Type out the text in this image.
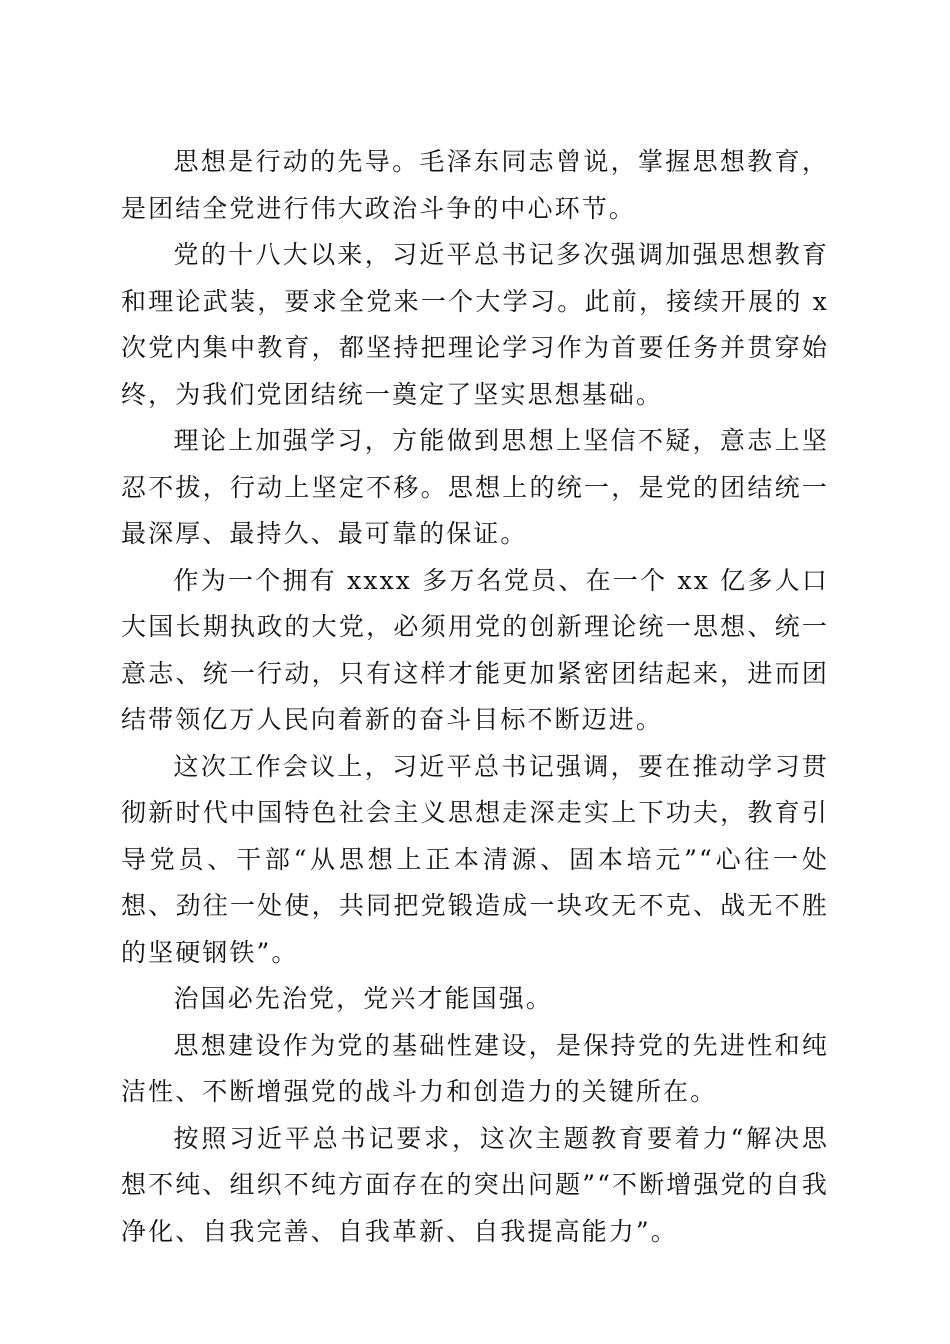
思想是行动的先导。毛泽东同志曾说，掌握思想教育，是团结全党进行伟大政治斗争的中心环节。

党的十八大以来，习近平总书记多次强调加强思想教育和理论武装，要求全党来一个大学习。此前，接续开展的 x 次党内集中教育，都坚持把理论学习作为首要任务并贯穿始终，为我们党团结统一奠定了坚实思想基础。

理论上加强学习，方能做到思想上坚信不疑，意志上坚忍不拔，行动上坚定不移。思想上的统一，是党的团结统一最深厚、最持久、最可靠的保证。

作为一个拥有 xxxx 多万名党员、在一个 xx 亿多人口大国长期执政的大党，必须用党的创新理论统一思想、统一意志、统一行动，只有这样才能更加紧密团结起来，进而团结带领亿万人民向着新的奋斗目标不断迈进。

这次工作会议上，习近平总书记强调，要在推动学习贯彻新时代中国特色社会主义思想走深走实上下功夫，教育引导党员、干部“从思想上正本清源、固本培元”“心往一处想、劲往一处使，共同把党锻造成一块攻无不克、战无不胜的坚硬钢铁”。

治国必先治党，党兴才能国强。

思想建设作为党的基础性建设，是保持党的先进性和纯洁性、不断增强党的战斗力和创造力的关键所在。

按照习近平总书记要求，这次主题教育要着力“解决思想不纯、组织不纯方面存在的突出问题”“不断增强党的自我净化、自我完善、自我革新、自我提高能力”。
